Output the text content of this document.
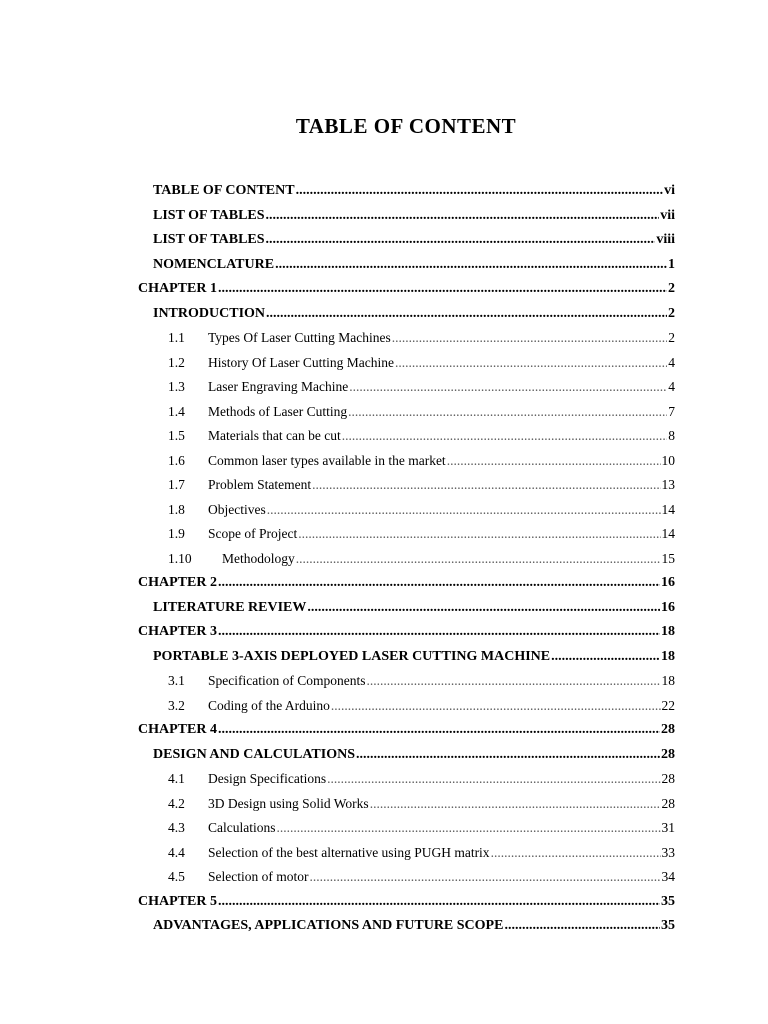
TABLE OF CONTENT
TABLE OF CONTENT .....	vi
LIST OF TABLES .....	vii
LIST OF TABLES .....	viii
NOMENCLATURE .....	1
CHAPTER 1 .....	2
INTRODUCTION .....	2
1.1	Types Of Laser Cutting Machines .....	2
1.2	History Of Laser Cutting Machine .....	4
1.3	Laser Engraving Machine .....	4
1.4	Methods of Laser Cutting .....	7
1.5	Materials that can be cut .....	8
1.6	Common laser types available in the market .....	10
1.7	Problem Statement .....	13
1.8	Objectives .....	14
1.9	Scope of Project .....	14
1.10	Methodology .....	15
CHAPTER 2 .....	16
LITERATURE REVIEW .....	16
CHAPTER 3 .....	18
PORTABLE 3-AXIS DEPLOYED LASER CUTTING MACHINE .....	18
3.1	Specification of Components .....	18
3.2	Coding of the Arduino .....	22
CHAPTER 4 .....	28
DESIGN AND CALCULATIONS .....	28
4.1	Design Specifications .....	28
4.2	3D Design using Solid Works .....	28
4.3	Calculations .....	31
4.4	Selection of the best alternative using PUGH matrix .....	33
4.5	Selection of motor .....	34
CHAPTER 5 .....	35
ADVANTAGES, APPLICATIONS AND FUTURE SCOPE .....	35
